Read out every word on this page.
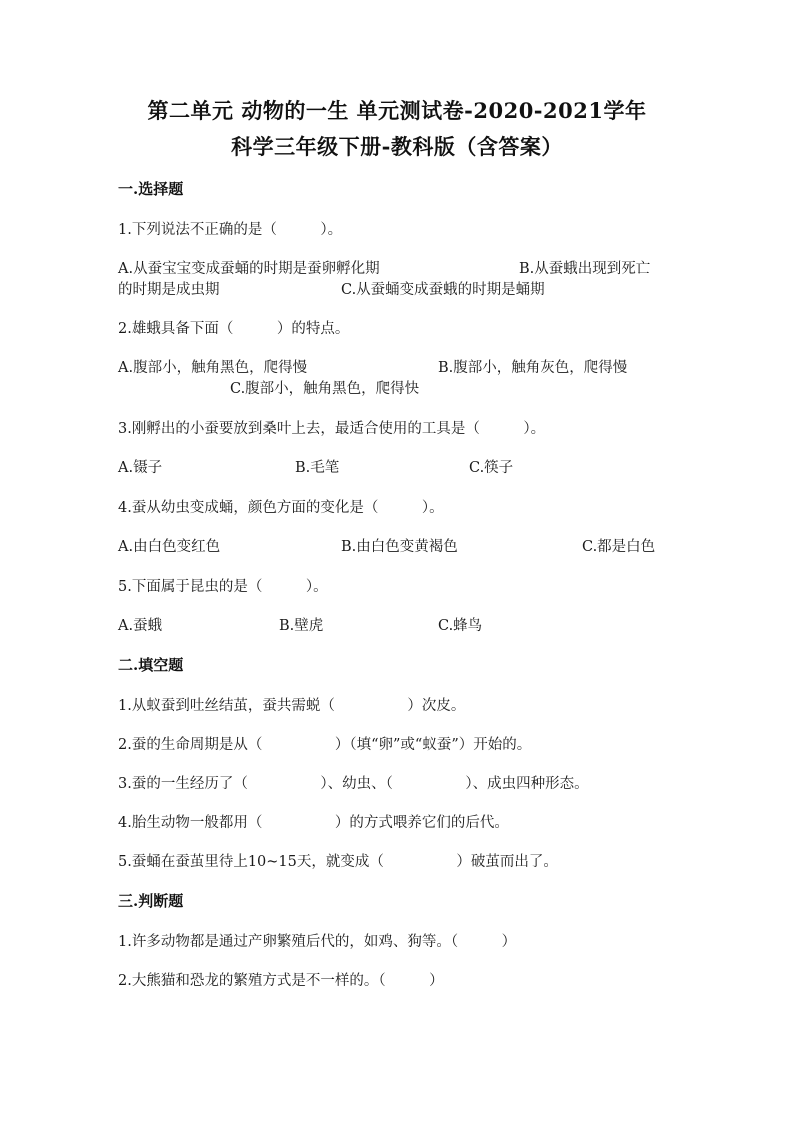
第二单元 动物的一生 单元测试卷-2020-2021学年
科学三年级下册-教科版（含答案）
一.选择题
1.下列说法不正确的是（　　　）。
A.从蚕宝宝变成蚕蛹的时期是蚕卵孵化期	B.从蚕蛾出现到死亡
的时期是成虫期	C.从蚕蛹变成蚕蛾的时期是蛹期
2.雄蛾具备下面（　　　）的特点。
A.腹部小，触角黑色，爬得慢	B.腹部小，触角灰色，爬得慢
C.腹部小，触角黑色，爬得快
3.刚孵出的小蚕要放到桑叶上去，最适合使用的工具是（　　　）。
A.镊子	B.毛笔	C.筷子
4.蚕从幼虫变成蛹，颜色方面的变化是（　　　）。
A.由白色变红色	B.由白色变黄褐色	C.都是白色
5.下面属于昆虫的是（　　　）。
A.蚕蛾	B.壁虎	C.蜂鸟
二.填空题
1.从蚁蚕到吐丝结茧，蚕共需蜕（　　　　　）次皮。
2.蚕的生命周期是从（　　　　　）（填“卵”或“蚁蚕”）开始的。
3.蚕的一生经历了（　　　　　）、幼虫、（　　　　　）、成虫四种形态。
4.胎生动物一般都用（　　　　　）的方式喂养它们的后代。
5.蚕蛹在蚕茧里待上10~15天，就变成（　　　　　）破茧而出了。
三.判断题
1.许多动物都是通过产卵繁殖后代的，如鸡、狗等。（　　　）
2.大熊猫和恐龙的繁殖方式是不一样的。（　　　）
